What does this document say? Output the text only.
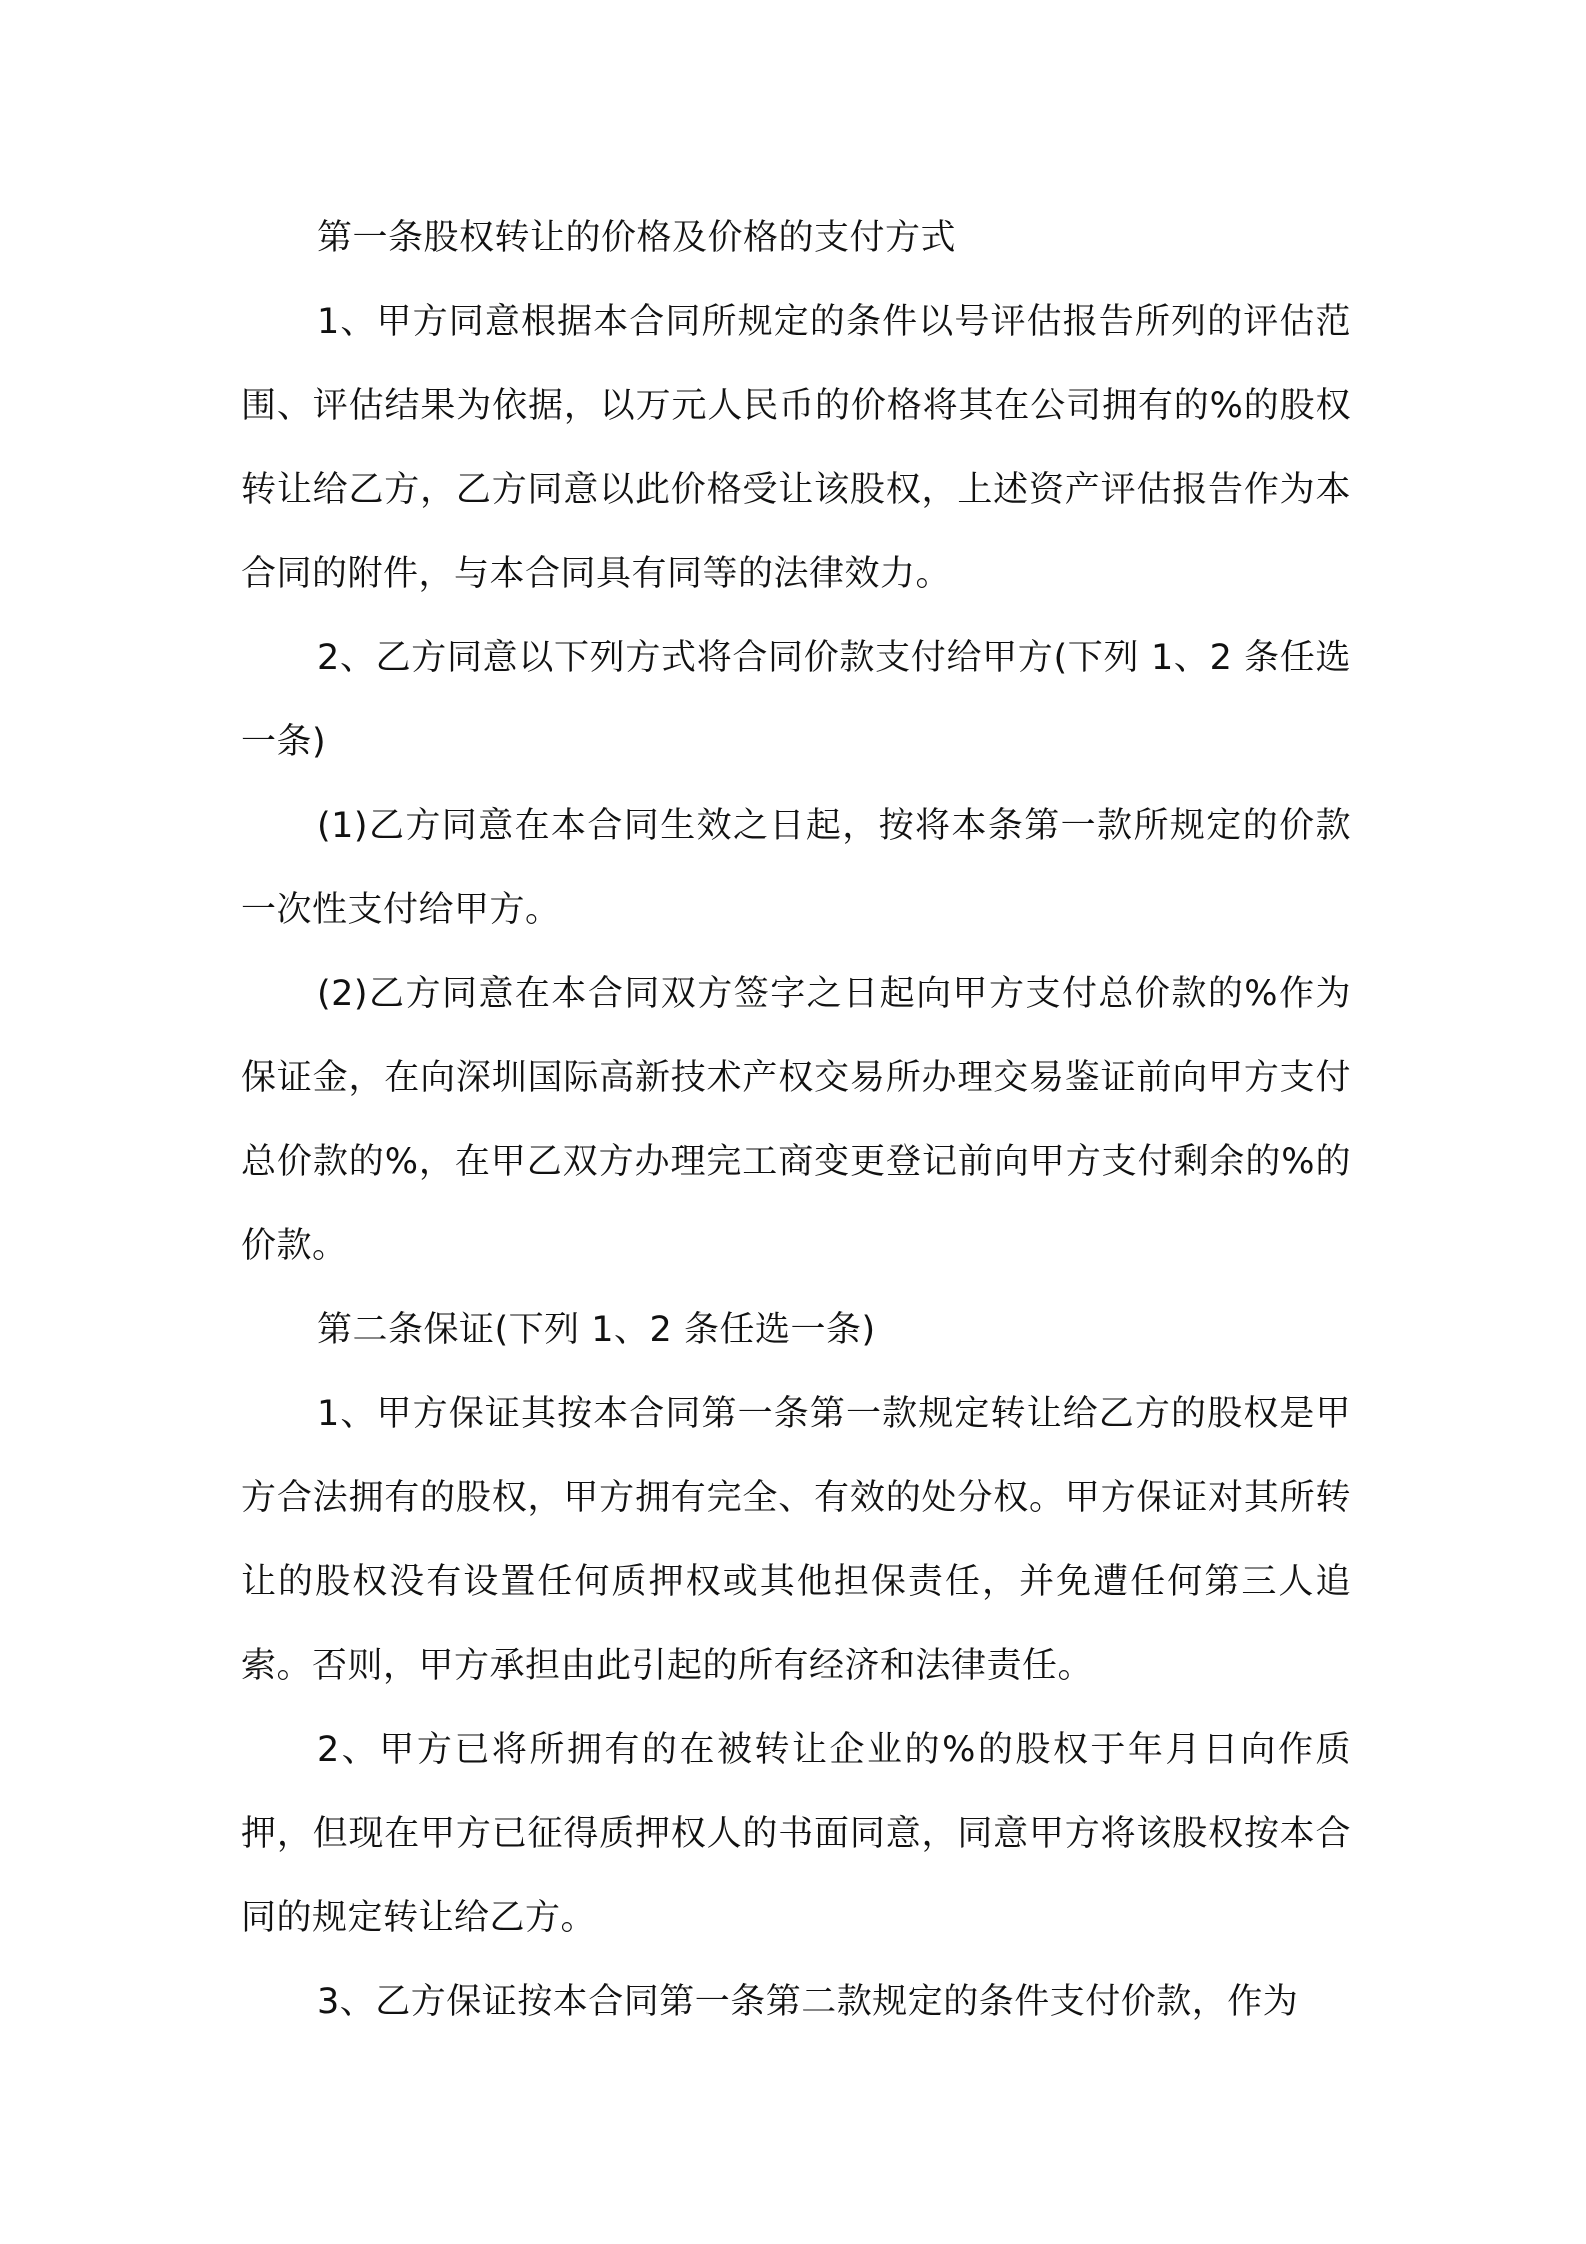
第一条股权转让的价格及价格的支付方式

1、甲方同意根据本合同所规定的条件以号评估报告所列的评估范围、评估结果为依据，以万元人民币的价格将其在公司拥有的%的股权转让给乙方，乙方同意以此价格受让该股权，上述资产评估报告作为本合同的附件，与本合同具有同等的法律效力。

2、乙方同意以下列方式将合同价款支付给甲方(下列 1、2 条任选一条)

(1)乙方同意在本合同生效之日起，按将本条第一款所规定的价款一次性支付给甲方。

(2)乙方同意在本合同双方签字之日起向甲方支付总价款的%作为保证金，在向深圳国际高新技术产权交易所办理交易鉴证前向甲方支付总价款的%，在甲乙双方办理完工商变更登记前向甲方支付剩余的%的价款。

第二条保证(下列 1、2 条任选一条)

1、甲方保证其按本合同第一条第一款规定转让给乙方的股权是甲方合法拥有的股权，甲方拥有完全、有效的处分权。甲方保证对其所转让的股权没有设置任何质押权或其他担保责任，并免遭任何第三人追索。否则，甲方承担由此引起的所有经济和法律责任。

2、甲方已将所拥有的在被转让企业的%的股权于年月日向作质押，但现在甲方已征得质押权人的书面同意，同意甲方将该股权按本合同的规定转让给乙方。

3、乙方保证按本合同第一条第二款规定的条件支付价款，作为
